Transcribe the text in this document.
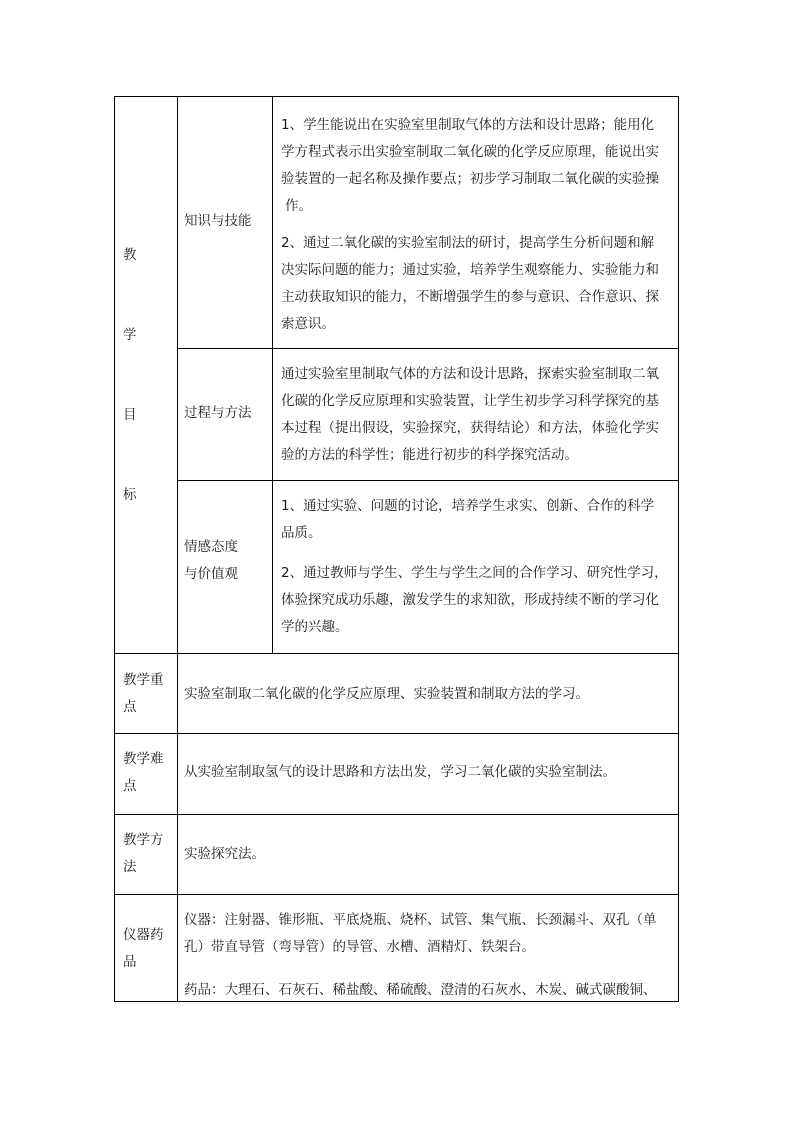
教
学
目
标
知识与技能
1、学生能说出在实验室里制取气体的方法和设计思路；能用化
学方程式表示出实验室制取二氧化碳的化学反应原理，能说出实
验装置的一起名称及操作要点；初步学习制取二氧化碳的实验操
作。
2、通过二氧化碳的实验室制法的研讨，提高学生分析问题和解
决实际问题的能力；通过实验，培养学生观察能力、实验能力和
主动获取知识的能力，不断增强学生的参与意识、合作意识、探
索意识。
过程与方法
通过实验室里制取气体的方法和设计思路，探索实验室制取二氧
化碳的化学反应原理和实验装置，让学生初步学习科学探究的基
本过程（提出假设，实验探究，获得结论）和方法，体验化学实
验的方法的科学性；能进行初步的科学探究活动。
情感态度
与价值观
1、通过实验、问题的讨论，培养学生求实、创新、合作的科学
品质。
2、通过教师与学生、学生与学生之间的合作学习、研究性学习，
体验探究成功乐趣，激发学生的求知欲，形成持续不断的学习化
学的兴趣。
教学重
点
实验室制取二氧化碳的化学反应原理、实验装置和制取方法的学习。
教学难
点
从实验室制取氢气的设计思路和方法出发，学习二氧化碳的实验室制法。
教学方
法
实验探究法。
仪器药
品
仪器：注射器、锥形瓶、平底烧瓶、烧杯、试管、集气瓶、长颈漏斗、双孔（单
孔）带直导管（弯导管）的导管、水槽、酒精灯、铁架台。
药品：大理石、石灰石、稀盐酸、稀硫酸、澄清的石灰水、木炭、碱式碳酸铜、
